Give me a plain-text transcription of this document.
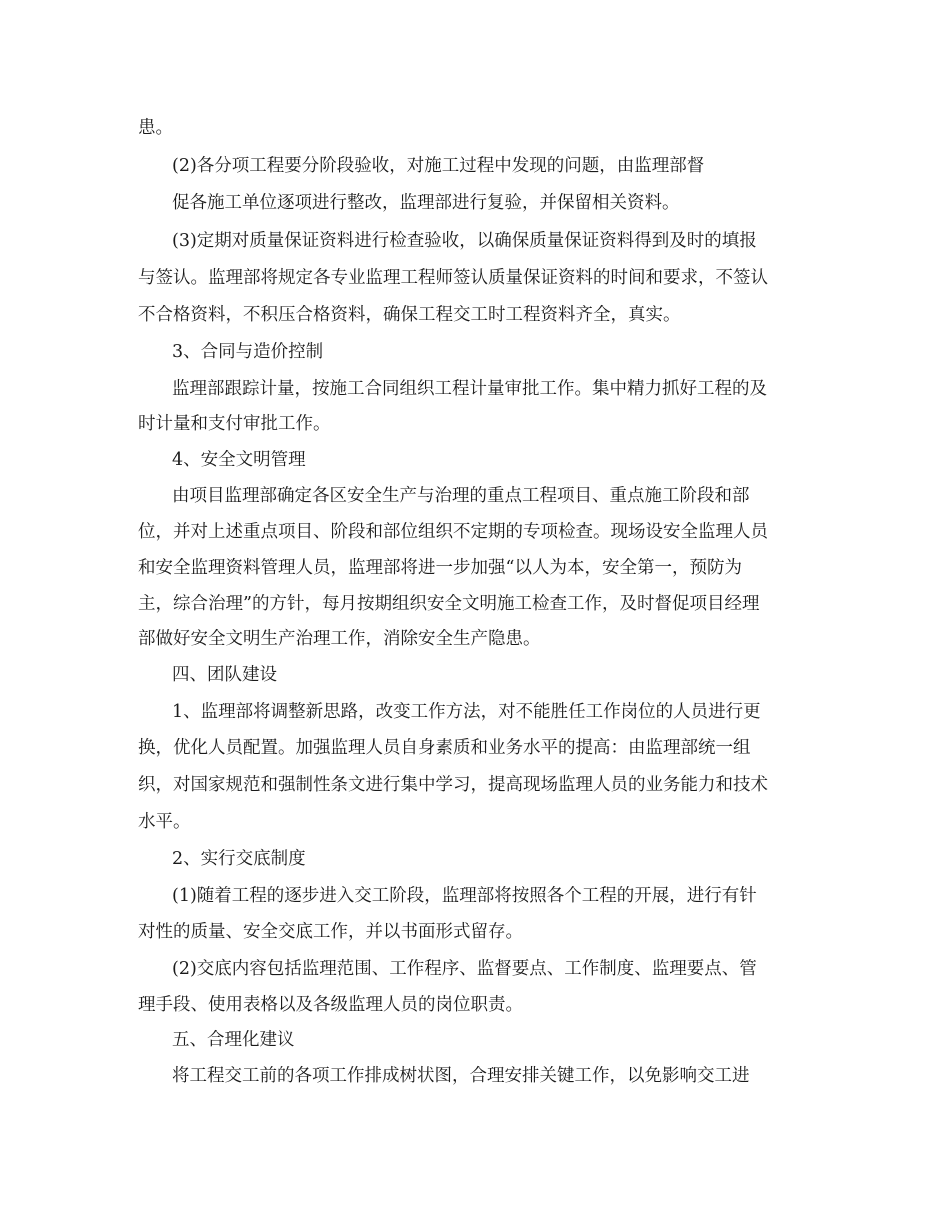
患。
(2)各分项工程要分阶段验收，对施工过程中发现的问题，由监理部督
促各施工单位逐项进行整改，监理部进行复验，并保留相关资料。
(3)定期对质量保证资料进行检查验收，以确保质量保证资料得到及时的填报
与签认。监理部将规定各专业监理工程师签认质量保证资料的时间和要求，不签认
不合格资料，不积压合格资料，确保工程交工时工程资料齐全，真实。
3、合同与造价控制
监理部跟踪计量，按施工合同组织工程计量审批工作。集中精力抓好工程的及
时计量和支付审批工作。
4、安全文明管理
由项目监理部确定各区安全生产与治理的重点工程项目、重点施工阶段和部
位，并对上述重点项目、阶段和部位组织不定期的专项检查。现场设安全监理人员
和安全监理资料管理人员，监理部将进一步加强“以人为本，安全第一，预防为
主，综合治理”的方针，每月按期组织安全文明施工检查工作，及时督促项目经理
部做好安全文明生产治理工作，消除安全生产隐患。
四、团队建设
1、监理部将调整新思路，改变工作方法，对不能胜任工作岗位的人员进行更
换，优化人员配置。加强监理人员自身素质和业务水平的提高：由监理部统一组
织，对国家规范和强制性条文进行集中学习，提高现场监理人员的业务能力和技术
水平。
2、实行交底制度
(1)随着工程的逐步进入交工阶段，监理部将按照各个工程的开展，进行有针
对性的质量、安全交底工作，并以书面形式留存。
(2)交底内容包括监理范围、工作程序、监督要点、工作制度、监理要点、管
理手段、使用表格以及各级监理人员的岗位职责。
五、合理化建议
将工程交工前的各项工作排成树状图，合理安排关键工作，以免影响交工进
